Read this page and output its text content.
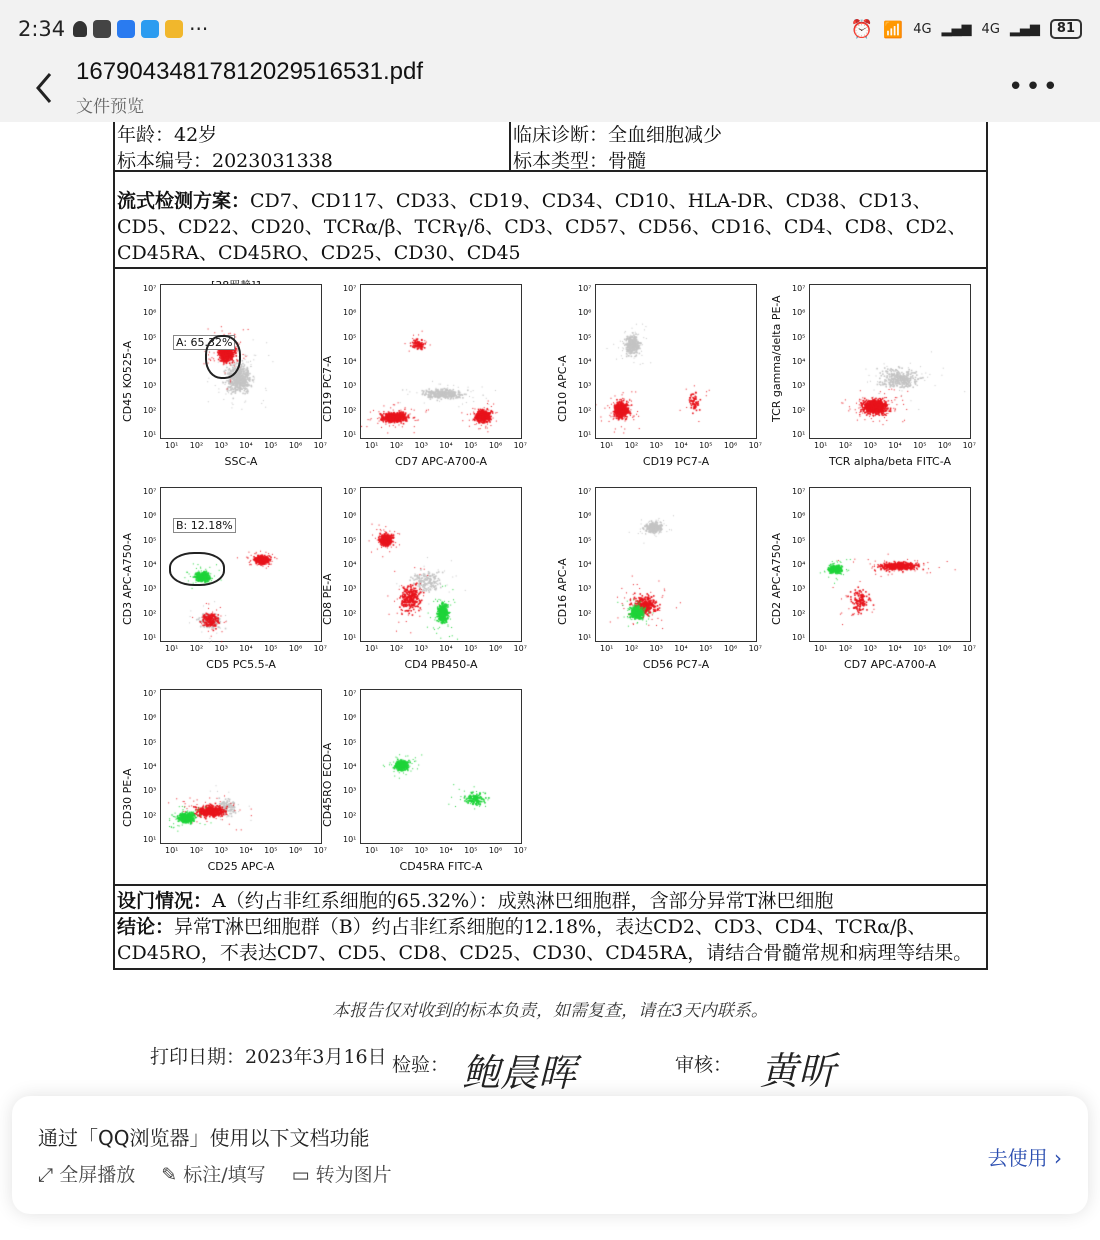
2:34	···	⏰ 📶 4G ▂▄▆ 4G ▂▄▆	81
年龄：42岁	临床诊断：全血细胞减少
标本编号：2023031338	标本类型：骨髓
流式检测方案：CD7、CD117、CD33、CD19、CD34、CD10、HLA-DR、CD38、CD13、CD5、CD22、CD20、TCRα/β、TCRγ/δ、CD3、CD57、CD56、CD16、CD4、CD8、CD2、CD45RA、CD45RO、CD25、CD30、CD45
A: 65.32%
10¹ 10² 10³ 10⁴ 10⁵ 10⁶ 10⁷
10¹
10²
10³
10⁴
10⁵
10⁶
10⁷
SSC-A
CD45 KO525-A
10¹ 10² 10³ 10⁴ 10⁵ 10⁶ 10⁷
10¹
10²
10³
10⁴
10⁵
10⁶
10⁷
CD7 APC-A700-A
CD19 PC7-A
10¹ 10² 10³ 10⁴ 10⁵ 10⁶ 10⁷
10¹
10²
10³
10⁴
10⁵
10⁶
10⁷
CD19 PC7-A
CD10 APC-A
10¹ 10² 10³ 10⁴ 10⁵ 10⁶ 10⁷
10¹
10²
10³
10⁴
10⁵
10⁶
10⁷
TCR alpha/beta FITC-A
TCR gamma/delta PE-A
B: 12.18%
10¹ 10² 10³ 10⁴ 10⁵ 10⁶ 10⁷
10¹
10²
10³
10⁴
10⁵
10⁶
10⁷
CD5 PC5.5-A
CD3 APC-A750-A
10¹ 10² 10³ 10⁴ 10⁵ 10⁶ 10⁷
10¹
10²
10³
10⁴
10⁵
10⁶
10⁷
CD4 PB450-A
CD8 PE-A
10¹ 10² 10³ 10⁴ 10⁵ 10⁶ 10⁷
10¹
10²
10³
10⁴
10⁵
10⁶
10⁷
CD56 PC7-A
CD16 APC-A
10¹ 10² 10³ 10⁴ 10⁵ 10⁶ 10⁷
10¹
10²
10³
10⁴
10⁵
10⁶
10⁷
CD7 APC-A700-A
CD2 APC-A750-A
10¹ 10² 10³ 10⁴ 10⁵ 10⁶ 10⁷
10¹
10²
10³
10⁴
10⁵
10⁶
10⁷
CD25 APC-A
CD30 PE-A
10¹ 10² 10³ 10⁴ 10⁵ 10⁶ 10⁷
10¹
10²
10³
10⁴
10⁵
10⁶
10⁷
CD45RA FITC-A
CD45RO ECD-A
设门情况：A（约占非红系细胞的65.32%）：成熟淋巴细胞群，含部分异常T淋巴细胞
结论：异常T淋巴细胞群（B）约占非红系细胞的12.18%，表达CD2、CD3、CD4、TCRα/β、CD45RO，不表达CD7、CD5、CD8、CD25、CD30、CD45RA，请结合骨髓常规和病理等结果。
本报告仅对收到的标本负责，如需复查，请在3天内联系。
打印日期：2023年3月16日 检验： 鲍晨晖	审核： 黄昕
16790434817812029516531.pdf
文件预览
•••
通过「QQ浏览器」使用以下文档功能
⤢ 全屏播放 ✎ 标注/填写 ▭ 转为图片
去使用 ›
